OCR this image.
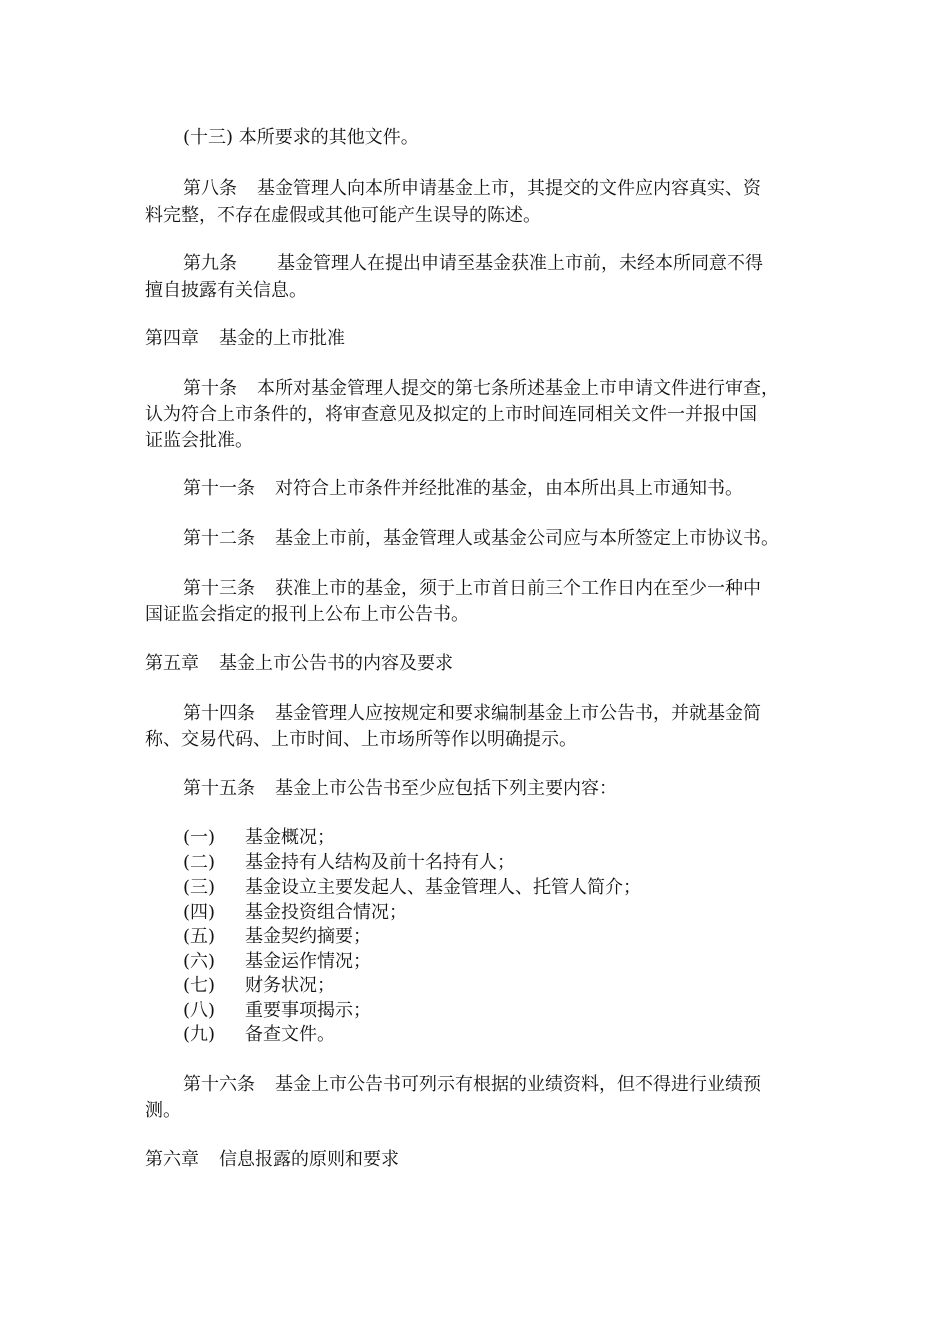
(十三) 本所要求的其他文件。
第八条 基金管理人向本所申请基金上市，其提交的文件应内容真实、资
料完整，不存在虚假或其他可能产生误导的陈述。
第九条 基金管理人在提出申请至基金获准上市前，未经本所同意不得
擅自披露有关信息。
第四章 基金的上市批准
第十条 本所对基金管理人提交的第七条所述基金上市申请文件进行审查，
认为符合上市条件的，将审查意见及拟定的上市时间连同相关文件一并报中国
证监会批准。
第十一条 对符合上市条件并经批准的基金，由本所出具上市通知书。
第十二条 基金上市前，基金管理人或基金公司应与本所签定上市协议书。
第十三条 获准上市的基金，须于上市首日前三个工作日内在至少一种中
国证监会指定的报刊上公布上市公告书。
第五章 基金上市公告书的内容及要求
第十四条 基金管理人应按规定和要求编制基金上市公告书，并就基金简
称、交易代码、上市时间、上市场所等作以明确提示。
第十五条 基金上市公告书至少应包括下列主要内容：
(一) 基金概况；
(二) 基金持有人结构及前十名持有人；
(三) 基金设立主要发起人、基金管理人、托管人简介；
(四) 基金投资组合情况；
(五) 基金契约摘要；
(六) 基金运作情况；
(七) 财务状况；
(八) 重要事项揭示；
(九) 备查文件。
第十六条 基金上市公告书可列示有根据的业绩资料，但不得进行业绩预
测。
第六章 信息报露的原则和要求
